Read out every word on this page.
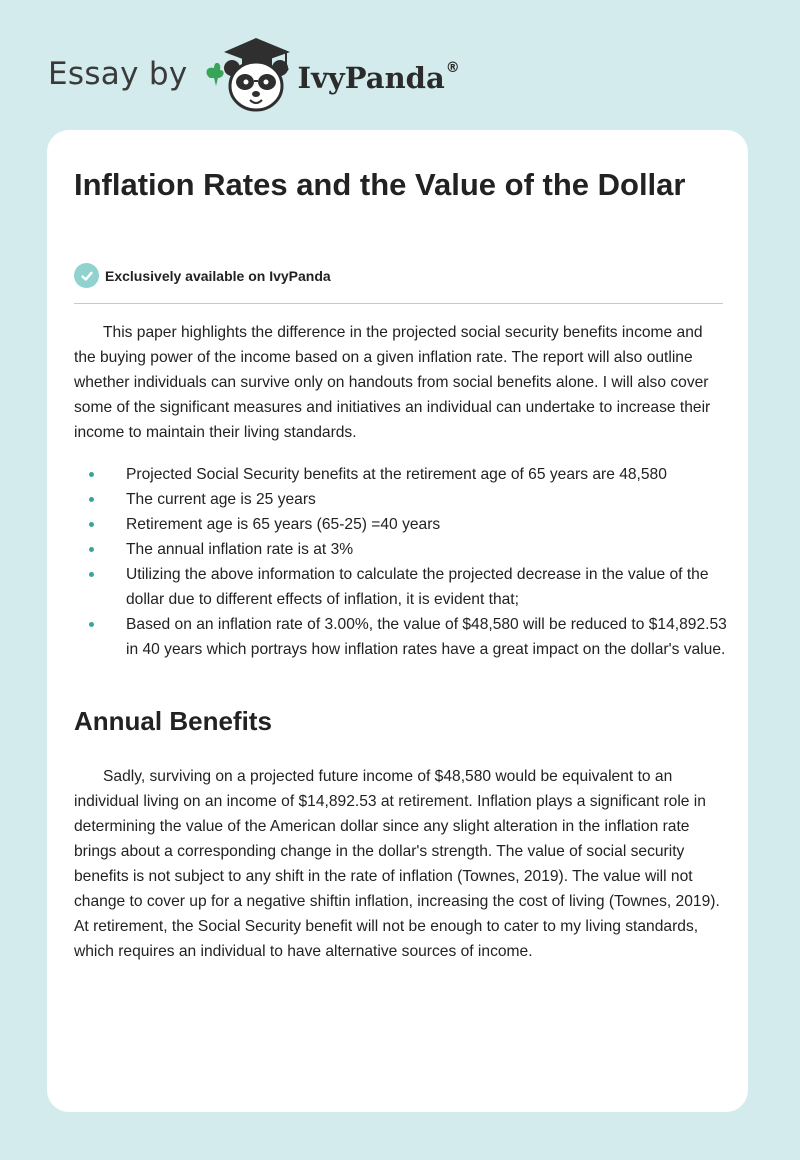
Essay by	IvyPanda®
Inflation Rates and the Value of the Dollar
Exclusively available on IvyPanda

This paper highlights the difference in the projected social security benefits income and the buying power of the income based on a given inflation rate. The report will also outline whether individuals can survive only on handouts from social benefits alone. I will also cover some of the significant measures and initiatives an individual can undertake to increase their income to maintain their living standards.

Projected Social Security benefits at the retirement age of 65 years are 48,580
The current age is 25 years
Retirement age is 65 years (65-25) =40 years
The annual inflation rate is at 3%
Utilizing the above information to calculate the projected decrease in the value of the dollar due to different effects of inflation, it is evident that;
Based on an inflation rate of 3.00%, the value of $48,580 will be reduced to $14,892.53 in 40 years which portrays how inflation rates have a great impact on the dollar's value.
Annual Benefits

Sadly, surviving on a projected future income of $48,580 would be equivalent to an individual living on an income of $14,892.53 at retirement. Inflation plays a significant role in determining the value of the American dollar since any slight alteration in the inflation rate brings about a corresponding change in the dollar's strength. The value of social security benefits is not subject to any shift in the rate of inflation (Townes, 2019). The value will not change to cover up for a negative shiftin inflation, increasing the cost of living (Townes, 2019). At retirement, the Social Security benefit will not be enough to cater to my living standards, which requires an individual to have alternative sources of income.
